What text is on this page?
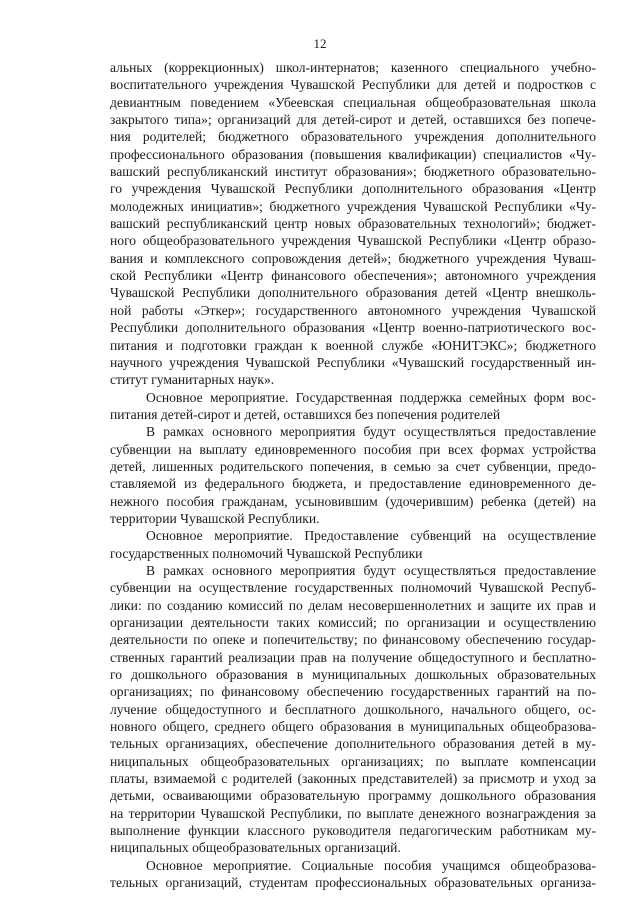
12
альных (коррекционных) школ-интернатов; казенного специального учебно-
воспитательного учреждения Чувашской Республики для детей и подростков с
девиантным поведением «Убеевская специальная общеобразовательная школа
закрытого типа»; организаций для детей-сирот и детей, оставшихся без попече-
ния родителей; бюджетного образовательного учреждения дополнительного
профессионального образования (повышения квалификации) специалистов «Чу-
вашский республиканский институт образования»; бюджетного образовательно-
го учреждения Чувашской Республики дополнительного образования «Центр
молодежных инициатив»; бюджетного учреждения Чувашской Республики «Чу-
вашский республиканский центр новых образовательных технологий»; бюджет-
ного общеобразовательного учреждения Чувашской Республики «Центр образо-
вания и комплексного сопровождения детей»; бюджетного учреждения Чуваш-
ской Республики «Центр финансового обеспечения»; автономного учреждения
Чувашской Республики дополнительного образования детей «Центр внешколь-
ной работы «Эткер»; государственного автономного учреждения Чувашской
Республики дополнительного образования «Центр военно-патриотического вос-
питания и подготовки граждан к военной службе «ЮНИТЭКС»; бюджетного
научного учреждения Чувашской Республики «Чувашский государственный ин-
ститут гуманитарных наук».
Основное мероприятие. Государственная поддержка семейных форм вос-
питания детей-сирот и детей, оставшихся без попечения родителей
В рамках основного мероприятия будут осуществляться предоставление
субвенции на выплату единовременного пособия при всех формах устройства
детей, лишенных родительского попечения, в семью за счет субвенции, предо-
ставляемой из федерального бюджета, и предоставление единовременного де-
нежного пособия гражданам, усыновившим (удочерившим) ребенка (детей) на
территории Чувашской Республики.
Основное мероприятие. Предоставление субвенций на осуществление
государственных полномочий Чувашской Республики
В рамках основного мероприятия будут осуществляться предоставление
субвенции на осуществление государственных полномочий Чувашской Респуб-
лики: по созданию комиссий по делам несовершеннолетних и защите их прав и
организации деятельности таких комиссий; по организации и осуществлению
деятельности по опеке и попечительству; по финансовому обеспечению государ-
ственных гарантий реализации прав на получение общедоступного и бесплатно-
го дошкольного образования в муниципальных дошкольных образовательных
организациях; по финансовому обеспечению государственных гарантий на по-
лучение общедоступного и бесплатного дошкольного, начального общего, ос-
новного общего, среднего общего образования в муниципальных общеобразова-
тельных организациях, обеспечение дополнительного образования детей в му-
ниципальных общеобразовательных организациях; по выплате компенсации
платы, взимаемой с родителей (законных представителей) за присмотр и уход за
детьми, осваивающими образовательную программу дошкольного образования
на территории Чувашской Республики, по выплате денежного вознаграждения за
выполнение функции классного руководителя педагогическим работникам му-
ниципальных общеобразовательных организаций.
Основное мероприятие. Социальные пособия учащимся общеобразова-
тельных организаций, студентам профессиональных образовательных организа-
